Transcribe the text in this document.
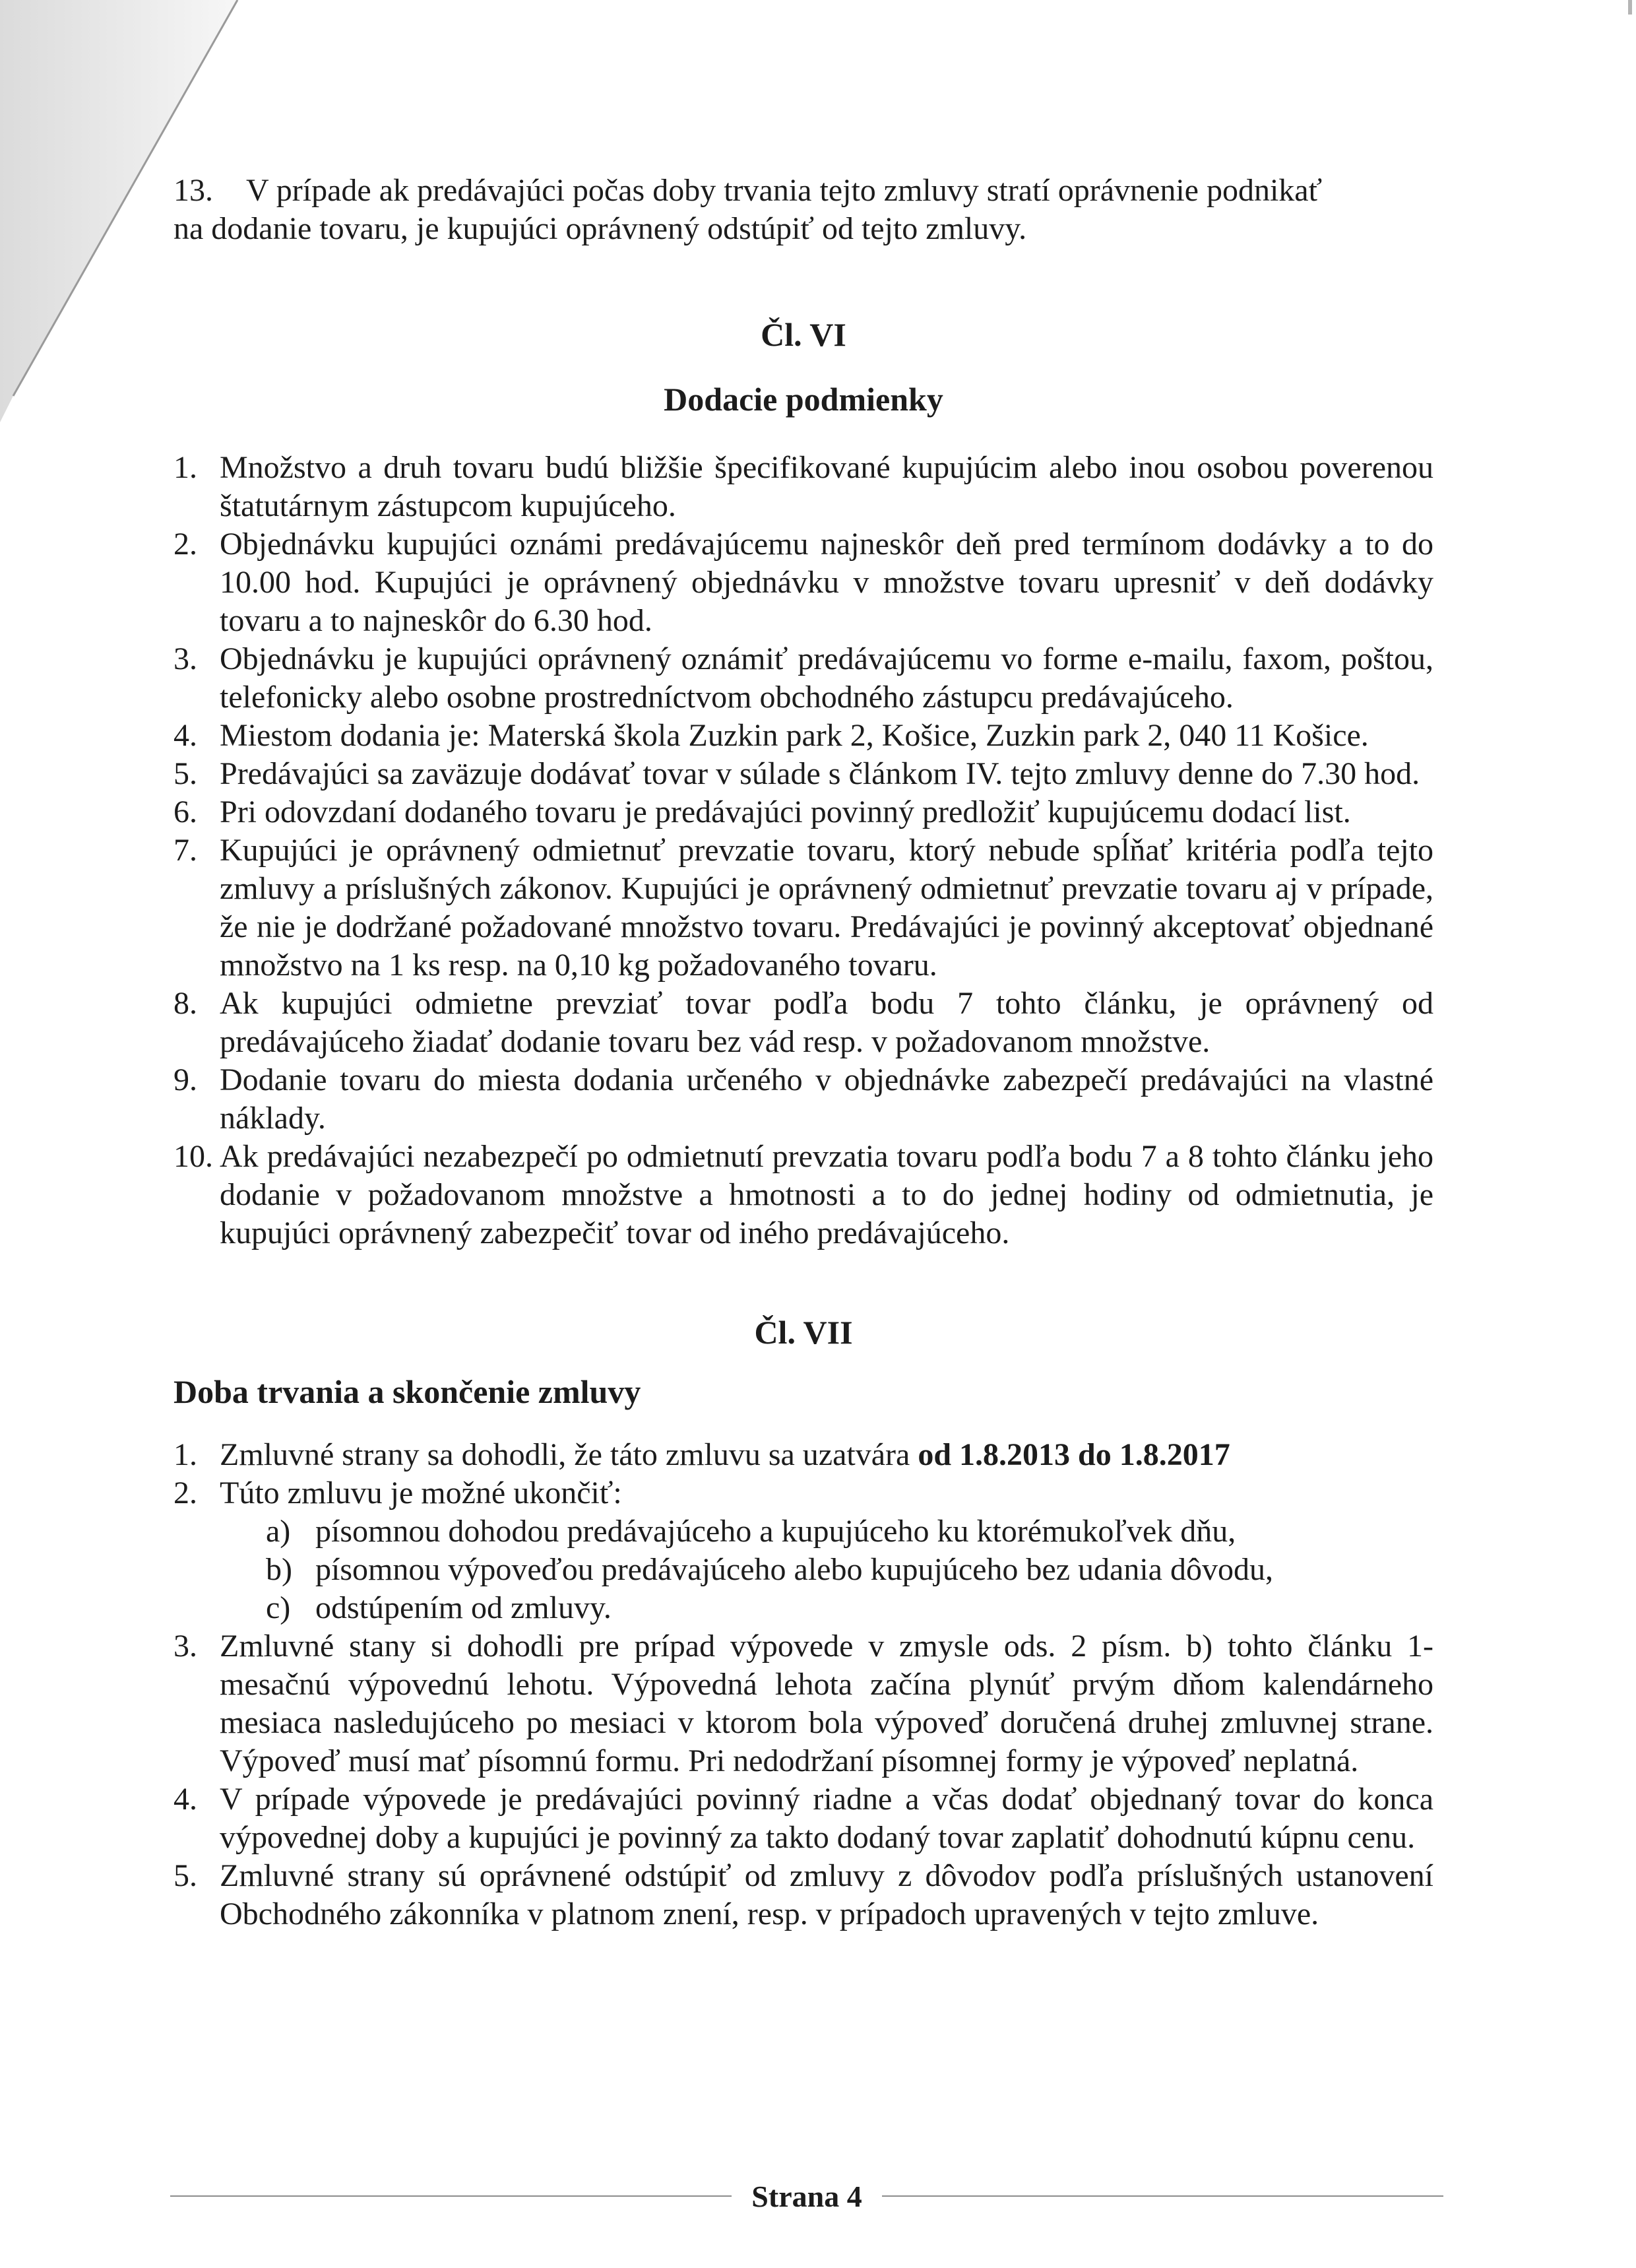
13.	V prípade ak predávajúci počas doby trvania tejto zmluvy stratí oprávnenie podnikať
na dodanie tovaru, je kupujúci oprávnený odstúpiť od tejto zmluvy.
Čl. VI
Dodacie podmienky
1. Množstvo a druh tovaru budú bližšie špecifikované kupujúcim alebo inou osobou poverenou štatutárnym zástupcom kupujúceho.
2. Objednávku kupujúci oznámi predávajúcemu najneskôr deň pred termínom dodávky a to do 10.00 hod. Kupujúci je oprávnený objednávku v množstve tovaru upresniť v deň dodávky tovaru a to najneskôr do 6.30 hod.
3. Objednávku je kupujúci oprávnený oznámiť predávajúcemu vo forme e-mailu, faxom, poštou, telefonicky alebo osobne prostredníctvom obchodného zástupcu predávajúceho.
4. Miestom dodania je: Materská škola Zuzkin park 2, Košice, Zuzkin park 2, 040 11 Košice.
5. Predávajúci sa zaväzuje dodávať tovar v súlade s článkom IV. tejto zmluvy denne do 7.30 hod.
6. Pri odovzdaní dodaného tovaru je predávajúci povinný predložiť kupujúcemu dodací list.
7. Kupujúci je oprávnený odmietnuť prevzatie tovaru, ktorý nebude spĺňať kritéria podľa tejto zmluvy a príslušných zákonov. Kupujúci je oprávnený odmietnuť prevzatie tovaru aj v prípade, že nie je dodržané požadované množstvo tovaru. Predávajúci je povinný akceptovať objednané množstvo na 1 ks resp. na 0,10 kg požadovaného tovaru.
8. Ak kupujúci odmietne prevziať tovar podľa bodu 7 tohto článku, je oprávnený od predávajúceho žiadať dodanie tovaru bez vád resp. v požadovanom množstve.
9. Dodanie tovaru do miesta dodania určeného v objednávke zabezpečí predávajúci na vlastné náklady.
10. Ak predávajúci nezabezpečí po odmietnutí prevzatia tovaru podľa bodu 7 a 8 tohto článku jeho dodanie v požadovanom množstve a hmotnosti a to do jednej hodiny od odmietnutia, je kupujúci oprávnený zabezpečiť tovar od iného predávajúceho.
Čl. VII
Doba trvania a skončenie zmluvy
1. Zmluvné strany sa dohodli, že táto zmluvu sa uzatvára od 1.8.2013 do 1.8.2017
2. Túto zmluvu je možné ukončiť:
a) písomnou dohodou predávajúceho a kupujúceho ku ktorémukoľvek dňu,
b) písomnou výpoveďou predávajúceho alebo kupujúceho bez udania dôvodu,
c) odstúpením od zmluvy.
3. Zmluvné stany si dohodli pre prípad výpovede v zmysle ods. 2 písm. b) tohto článku 1-mesačnú výpovednú lehotu. Výpovedná lehota začína plynúť prvým dňom kalendárneho mesiaca nasledujúceho po mesiaci v ktorom bola výpoveď doručená druhej zmluvnej strane. Výpoveď musí mať písomnú formu. Pri nedodržaní písomnej formy je výpoveď neplatná.
4. V prípade výpovede je predávajúci povinný riadne a včas dodať objednaný tovar do konca výpovednej doby a kupujúci je povinný za takto dodaný tovar zaplatiť dohodnutú kúpnu cenu.
5. Zmluvné strany sú oprávnené odstúpiť od zmluvy z dôvodov podľa príslušných ustanovení Obchodného zákonníka v platnom znení, resp. v prípadoch upravených v tejto zmluve.
Strana 4
